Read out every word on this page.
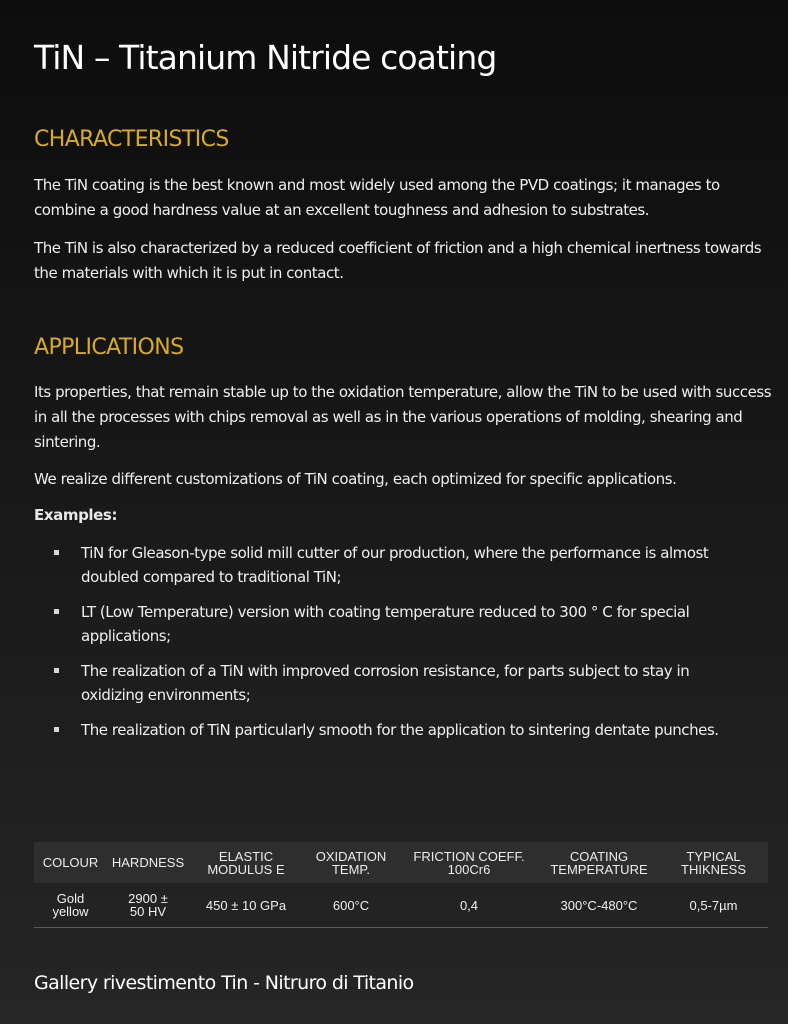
TiN – Titanium Nitride coating
CHARACTERISTICS

The TiN coating is the best known and most widely used among the PVD coatings; it manages to combine a good hardness value at an excellent toughness and adhesion to substrates.

The TiN is also characterized by a reduced coefficient of friction and a high chemical inertness towards the materials with which it is put in contact.

APPLICATIONS

Its properties, that remain stable up to the oxidation temperature, allow the TiN to be used with success in all the processes with chips removal as well as in the various operations of molding, shearing and sintering.

We realize different customizations of TiN coating, each optimized for specific applications.

Examples:
TiN for Gleason-type solid mill cutter of our production, where the performance is almost doubled compared to traditional TiN;
LT (Low Temperature) version with coating temperature reduced to 300 ° C for special applications;
The realization of a TiN with improved corrosion resistance, for parts subject to stay in oxidizing environments;
The realization of TiN particularly smooth for the application to sintering dentate punches.
COLOUR	HARDNESS	ELASTIC MODULUS E	OXIDATION TEMP.	FRICTION COEFF. 100Cr6	COATING TEMPERATURE	TYPICAL THIKNESS
Gold yellow	2900 ± 50 HV	450 ± 10 GPa	600°C	0,4	300°C-480°C	0,5-7µm
Gallery rivestimento Tin - Nitruro di Titanio
